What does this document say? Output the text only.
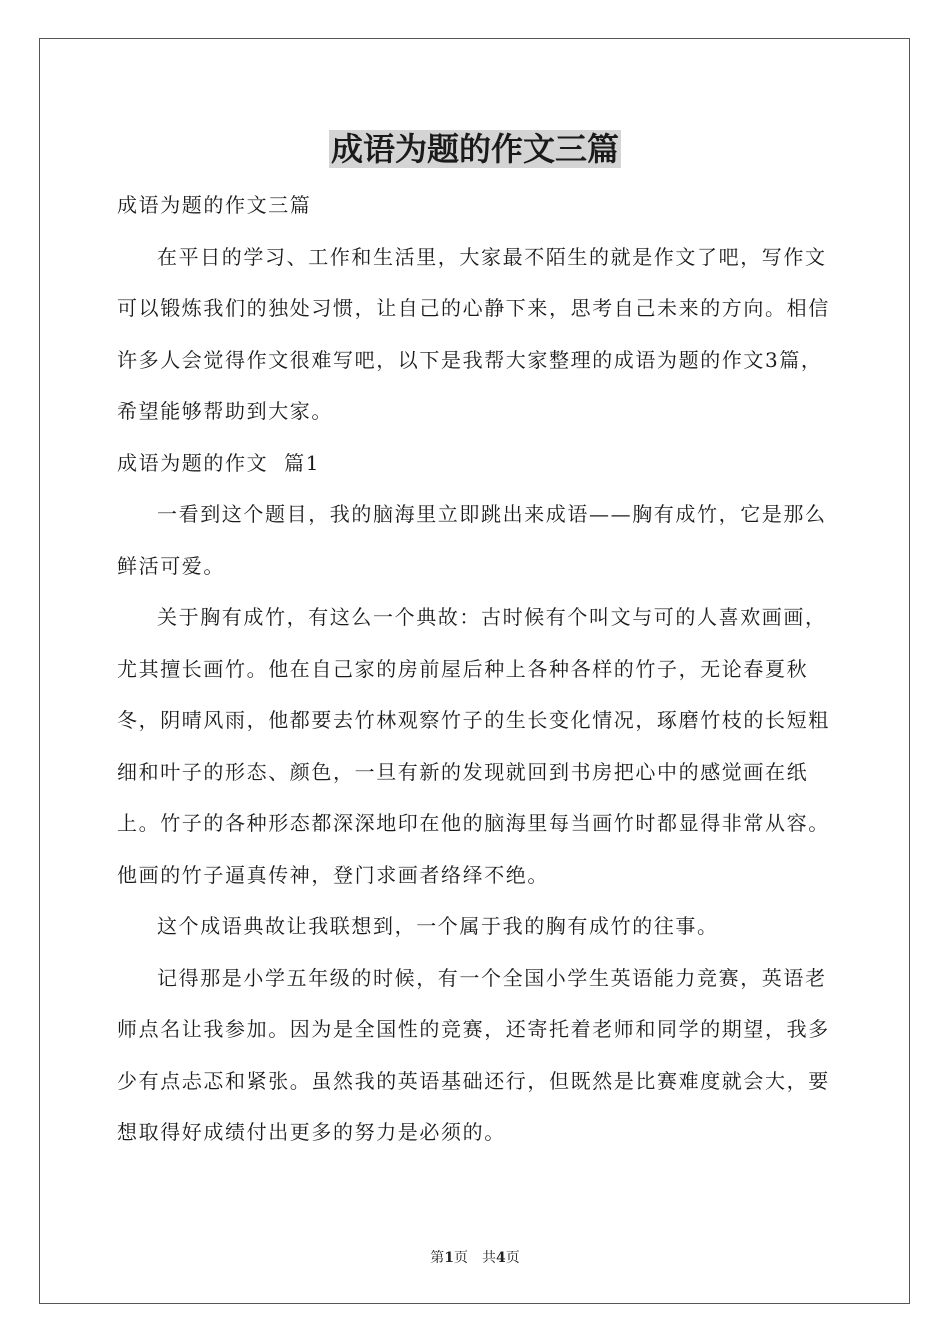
成语为题的作文三篇

成语为题的作文三篇

在平日的学习、工作和生活里，大家最不陌生的就是作文了吧，写作文可以锻炼我们的独处习惯，让自己的心静下来，思考自己未来的方向。相信许多人会觉得作文很难写吧，以下是我帮大家整理的成语为题的作文3篇，希望能够帮助到大家。

成语为题的作文  篇1

一看到这个题目，我的脑海里立即跳出来成语——胸有成竹，它是那么鲜活可爱。

关于胸有成竹，有这么一个典故：古时候有个叫文与可的人喜欢画画，尤其擅长画竹。他在自己家的房前屋后种上各种各样的竹子，无论春夏秋冬，阴晴风雨，他都要去竹林观察竹子的生长变化情况，琢磨竹枝的长短粗细和叶子的形态、颜色，一旦有新的发现就回到书房把心中的感觉画在纸上。竹子的各种形态都深深地印在他的脑海里每当画竹时都显得非常从容。他画的竹子逼真传神，登门求画者络绎不绝。

这个成语典故让我联想到，一个属于我的胸有成竹的往事。

记得那是小学五年级的时候，有一个全国小学生英语能力竞赛，英语老师点名让我参加。因为是全国性的竞赛，还寄托着老师和同学的期望，我多少有点忐忑和紧张。虽然我的英语基础还行，但既然是比赛难度就会大，要想取得好成绩付出更多的努力是必须的。

第1页 共4页
